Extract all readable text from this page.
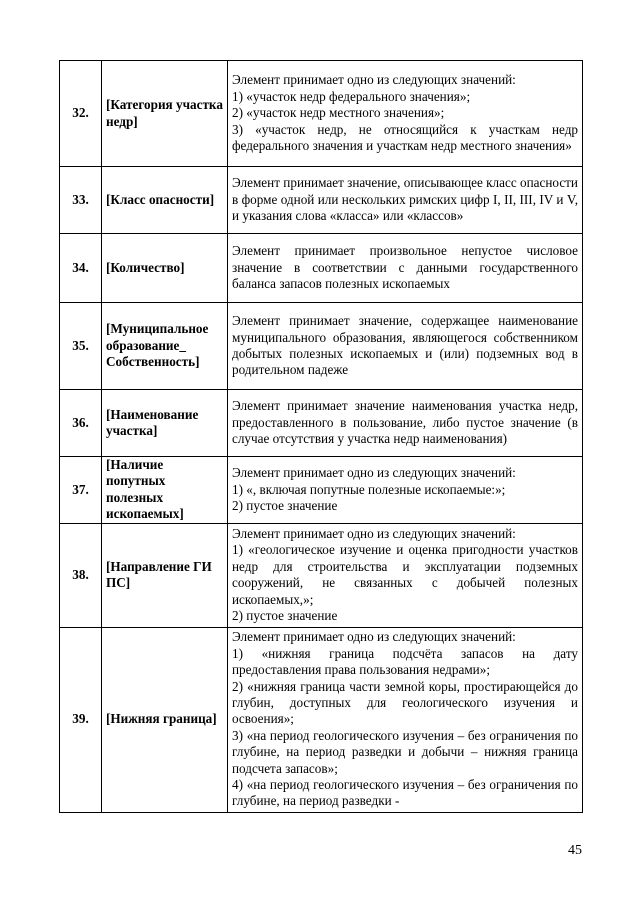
32.	[Категория участка недр]	Элемент принимает одно из следующих значений:
1) «участок недр федерального значения»;
2) «участок недр местного значения»;
3) «участок недр, не относящийся к участкам недр федерального значения и участкам недр местного значения»

33.	[Класс опасности]	Элемент принимает значение, описывающее класс опасности в форме одной или нескольких римских цифр I, II, III, IV и V, и указания слова «класса» или «классов»

34.	[Количество]	Элемент принимает произвольное непустое числовое значение в соответствии с данными государственного баланса запасов полезных ископаемых

35.	[Муниципальное образование_ Собственность]	Элемент принимает значение, содержащее наименование муниципального образования, являющегося собственником добытых полезных ископаемых и (или) подземных вод в родительном падеже

36.	[Наименование участка]	Элемент принимает значение наименования участка недр, предоставленного в пользование, либо пустое значение (в случае отсутствия у участка недр наименования)

37.	[Наличие попутных полезных ископаемых]	Элемент принимает одно из следующих значений:
1) «, включая попутные полезные ископаемые:»;
2) пустое значение

38.	[Направление ГИ ПС]	Элемент принимает одно из следующих значений:
1) «геологическое изучение и оценка пригодности участков недр для строительства и эксплуатации подземных сооружений, не связанных с добычей полезных ископаемых,»;
2) пустое значение

39.	[Нижняя граница]	Элемент принимает одно из следующих значений:
1) «нижняя граница подсчёта запасов на дату предоставления права пользования недрами»;
2) «нижняя граница части земной коры, простирающейся до глубин, доступных для геологического изучения и освоения»;
3) «на период геологического изучения – без ограничения по глубине, на период разведки и добычи – нижняя граница подсчета запасов»;
4) «на период геологического изучения – без ограничения по глубине, на период разведки -
45
